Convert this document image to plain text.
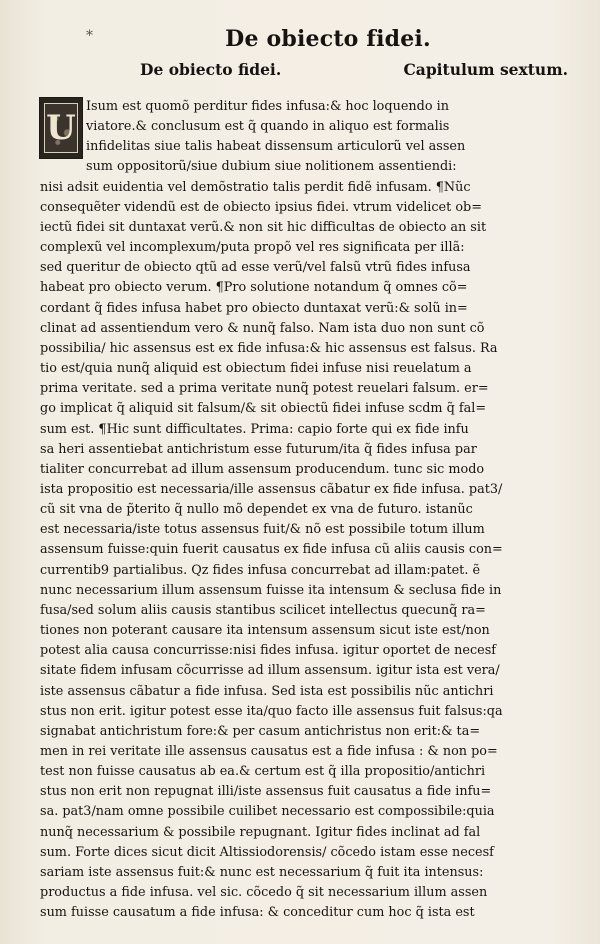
*	De obiecto fidei.
De obiecto fidei.	Capitulum sextum.
U
Isum est quomõ perditur fides infusa:& hoc loquendo in
viatore.& conclusum est q̃ quando in aliquo est formalis
infidelitas siue talis habeat dissensum articulorũ vel assen
sum oppositorũ/siue dubium siue nolitionem assentiendi:
nisi adsit euidentia vel demõstratio talis perdit fidẽ infusam. ¶Nũc
consequẽter videndũ est de obiecto ipsius fidei. vtrum videlicet ob=
iectũ fidei sit duntaxat verũ.& non sit hic difficultas de obiecto an sit
complexũ vel incomplexum/puta propõ vel res significata per illã:
sed queritur de obiecto qtũ ad esse verũ/vel falsũ vtrũ fides infusa
habeat pro obiecto verum. ¶Pro solutione notandum q̃ omnes cõ=
cordant q̃ fides infusa habet pro obiecto duntaxat verũ:& solũ in=
clinat ad assentiendum vero & nunq̃ falso. Nam ista duo non sunt cõ
possibilia/ hic assensus est ex fide infusa:& hic assensus est falsus. Ra
tio est/quia nunq̃ aliquid est obiectum fidei infuse nisi reuelatum a
prima veritate. sed a prima veritate nunq̃ potest reuelari falsum. er=
go implicat q̃ aliquid sit falsum/& sit obiectũ fidei infuse scdm q̃ fal=
sum est. ¶Hic sunt difficultates. Prima: capio forte qui ex fide infu
sa heri assentiebat antichristum esse futurum/ita q̃ fides infusa par
tialiter concurrebat ad illum assensum producendum. tunc sic modo
ista propositio est necessaria/ille assensus cãbatur ex fide infusa. pat3/
cũ sit vna de p̃terito q̃ nullo mõ dependet ex vna de futuro. istanũc
est necessaria/iste totus assensus fuit/& nõ est possibile totum illum
assensum fuisse:quin fuerit causatus ex fide infusa cũ aliis causis con=
currentib9 partialibus. Qz fides infusa concurrebat ad illam:patet. ẽ
nunc necessarium illum assensum fuisse ita intensum & seclusa fide in
fusa/sed solum aliis causis stantibus scilicet intellectus quecunq̃ ra=
tiones non poterant causare ita intensum assensum sicut iste est/non
potest alia causa concurrisse:nisi fides infusa. igitur oportet de necesf
sitate fidem infusam cõcurrisse ad illum assensum. igitur ista est vera/
iste assensus cãbatur a fide infusa. Sed ista est possibilis nũc antichri
stus non erit. igitur potest esse ita/quo facto ille assensus fuit falsus:qa
signabat antichristum fore:& per casum antichristus non erit:& ta=
men in rei veritate ille assensus causatus est a fide infusa : & non po=
test non fuisse causatus ab ea.& certum est q̃ illa propositio/antichri
stus non erit non repugnat illi/iste assensus fuit causatus a fide infu=
sa. pat3/nam omne possibile cuilibet necessario est compossibile:quia
nunq̃ necessarium & possibile repugnant. Igitur fides inclinat ad fal
sum. Forte dices sicut dicit Altissiodorensis/ cõcedo istam esse necesf
sariam iste assensus fuit:& nunc est necessarium q̃ fuit ita intensus:
productus a fide infusa. vel sic. cõcedo q̃ sit necessarium illum assen
sum fuisse causatum a fide infusa: & conceditur cum hoc q̃ ista est
